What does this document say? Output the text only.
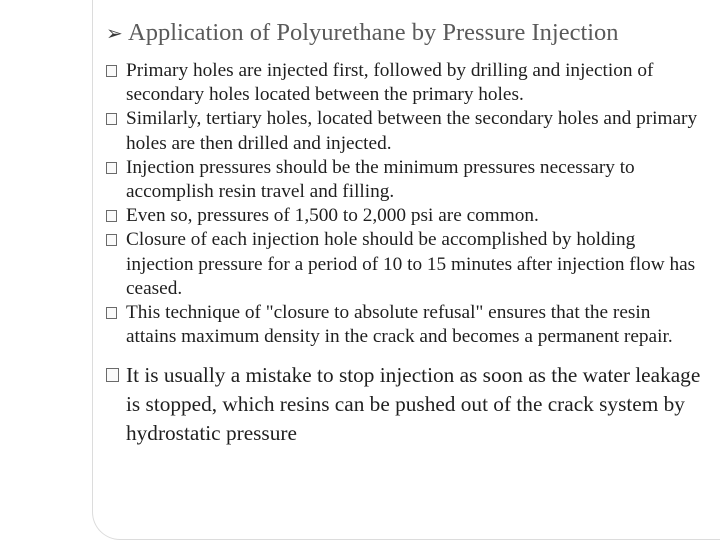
➢ Application of Polyurethane by Pressure Injection
Primary holes are injected first, followed by drilling and injection of secondary holes located between the primary holes.
Similarly, tertiary holes, located between the secondary holes and primary holes are then drilled and injected.
Injection pressures should be the minimum pressures necessary to accomplish resin travel and filling.
Even so, pressures of 1,500 to 2,000 psi are common.
Closure of each injection hole should be accomplished by holding injection pressure for a period of 10 to 15 minutes after injection flow has ceased.
This technique of "closure to absolute refusal" ensures that the resin attains maximum density in the crack and becomes a permanent repair.
It is usually a mistake to stop injection as soon as the water leakage is stopped, which resins can be pushed out of the crack system by hydrostatic pressure
